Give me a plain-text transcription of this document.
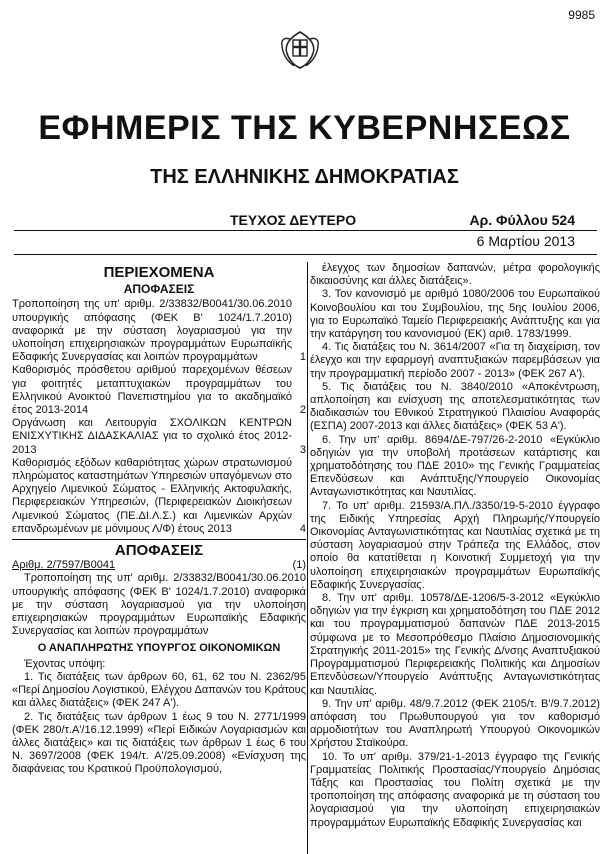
9985
ΕΦΗΜΕΡΙΣ ΤΗΣ ΚΥΒΕΡΝΗΣΕΩΣ
ΤΗΣ ΕΛΛΗΝΙΚΗΣ ΔΗΜΟΚΡΑΤΙΑΣ
ΤΕΥΧΟΣ ΔΕΥΤΕΡΟ	Αρ. Φύλλου 524
6 Μαρτίου 2013
ΠΕΡΙΕΧΟΜΕΝΑ
ΑΠΟΦΑΣΕΙΣ
Τροποποίηση της υπ' αριθμ. 2/33832/Β0041/30.06.2010 υπουργικής απόφασης (ΦΕΚ Β' 1024/1.7.2010) αναφορικά με την σύσταση λογαριασμού για την υλοποίηση επιχειρησιακών προγραμμάτων Ευρωπαϊκής Εδαφικής Συνεργασίας και λοιπών προγραμμάτων	1
Καθορισμός πρόσθετου αριθμού παρεχομένων θέσεων για φοιτητές μεταπτυχιακών προγραμμάτων του Ελληνικού Ανοικτού Πανεπιστημίου για το ακαδημαϊκό έτος 2013-2014	2
Οργάνωση και Λειτουργία ΣΧΟΛΙΚΩΝ ΚΕΝΤΡΩΝ ΕΝΙΣΧΥΤΙΚΗΣ ΔΙΔΑΣΚΑΛΙΑΣ για το σχολικό έτος 2012-2013	3
Καθορισμός εξόδων καθαριότητας χώρων στρατωνισμού πληρώματος καταστημάτων Υπηρεσιών υπαγόμενων στο Αρχηγείο Λιμενικού Σώματος - Ελληνικής Ακτοφυλακής, Περιφερειακών Υπηρεσιών, (Περιφερειακών Διοικήσεων Λιμενικού Σώματος (ΠΕ.ΔΙ.Λ.Σ.) και Λιμενικών Αρχών επανδρωμένων με μόνιμους Λ/Φ) έτους 2013	4
ΑΠΟΦΑΣΕΙΣ
Αριθμ. 2/7597/Β0041	(1)

Τροποποίηση της υπ' αριθμ. 2/33832/Β0041/30.06.2010 υπουργικής απόφασης (ΦΕΚ Β' 1024/1.7.2010) αναφορικά με την σύσταση λογαριασμού για την υλοποίηση επιχειρησιακών προγραμμάτων Ευρωπαϊκής Εδαφικής Συνεργασίας και λοιπών προγραμμάτων

Ο ΑΝΑΠΛΗΡΩΤΗΣ ΥΠΟΥΡΓΟΣ ΟΙΚΟΝΟΜΙΚΩΝ

Έχοντας υπόψη:

1. Τις διατάξεις των άρθρων 60, 61, 62 του Ν. 2362/95 «Περί Δημοσίου Λογιστικού, Ελέγχου Δαπανών του Κράτους και άλλες διατάξεις» (ΦΕΚ 247 Α').

2. Τις διατάξεις των άρθρων 1 έως 9 του Ν. 2771/1999 (ΦΕΚ 280/τ.Α'/16.12.1999) «Περί Ειδικών Λογαριασμών και άλλες διατάξεις» και τις διατάξεις των άρθρων 1 έως 6 του Ν. 3697/2008 (ΦΕΚ 194/τ. Α'/25.09.2008) «Ενίσχυση της διαφάνειας του Κρατικού Προϋπολογισμού,

έλεγχος των δημοσίων δαπανών, μέτρα φορολογικής δικαιοσύνης και άλλες διατάξεις».

3. Τον κανονισμό με αριθμό 1080/2006 του Ευρωπαϊκού Κοινοβουλίου και του Συμβουλίου, της 5ης Ιουλίου 2006, για το Ευρωπαϊκό Ταμείο Περιφερειακής Ανάπτυξης και για την κατάργηση του κανονισμού (ΕΚ) αριθ. 1783/1999.

4. Τις διατάξεις του Ν. 3614/2007 «Για τη διαχείριση, τον έλεγχο και την εφαρμογή αναπτυξιακών παρεμβάσεων για την προγραμματική περίοδο 2007 - 2013» (ΦΕΚ 267 Α').

5. Τις διατάξεις του Ν. 3840/2010 «Αποκέντρωση, απλοποίηση και ενίσχυση της αποτελεσματικότητας των διαδικασιών του Εθνικού Στρατηγικού Πλαισίου Αναφοράς (ΕΣΠΑ) 2007-2013 και άλλες διατάξεις» (ΦΕΚ 53 Α').

6. Την υπ' αριθμ. 8694/ΔΕ-797/26-2-2010 «Εγκύκλιο οδηγιών για την υποβολή προτάσεων κατάρτισης και χρηματοδότησης του ΠΔΕ 2010» της Γενικής Γραμματείας Επενδύσεων και Ανάπτυξης/Υπουργείο Οικονομίας Ανταγωνιστικότητας και Ναυτιλίας.

7. Το υπ' αριθμ. 21593/Α.ΠΛ./3350/19-5-2010 έγγραφο της Ειδικής Υπηρεσίας Αρχή Πληρωμής/Υπουργείο Οικονομίας Ανταγωνιστικότητας και Ναυτιλίας σχετικά με τη σύσταση λογαριασμού στην Τράπεζα της Ελλάδος, στον οποίο θα κατατίθεται η Κοινοτική Συμμετοχή για την υλοποίηση επιχειρησιακών προγραμμάτων Ευρωπαϊκής Εδαφικής Συνεργασίας.

8. Την υπ' αριθμ. 10578/ΔΕ-1206/5-3-2012 «Εγκύκλιο οδηγιών για την έγκριση και χρηματοδότηση του ΠΔΕ 2012 και του προγραμματισμού δαπανών ΠΔΕ 2013-2015 σύμφωνα με το Μεσοπρόθεσμο Πλαίσιο Δημοσιονομικής Στρατηγικής 2011-2015» της Γενικής Δ/νσης Αναπτυξιακού Προγραμματισμού Περιφερειακής Πολιτικής και Δημοσίων Επενδύσεων/Υπουργείο Ανάπτυξης Ανταγωνιστικότητας και Ναυτιλίας.

9. Την υπ' αριθμ. 48/9.7.2012 (ΦΕΚ 2105/τ. Β'/9.7.2012) απόφαση του Πρωθυπουργού για τον καθορισμό αρμοδιοτήτων του Αναπληρωτή Υπουργού Οικονομικών Χρήστου Σταϊκούρα.

10. Το υπ' αριθμ. 379/21-1-2013 έγγραφο της Γενικής Γραμματείας Πολιτικής Προστασίας/Υπουργείο Δημόσιας Τάξης και Προστασίας του Πολίτη σχετικά με την τροποποίηση της απόφασης αναφορικά με τη σύσταση του λογαριασμού για την υλοποίηση επιχειρησιακών προγραμμάτων Ευρωπαϊκής Εδαφικής Συνεργασίας και
